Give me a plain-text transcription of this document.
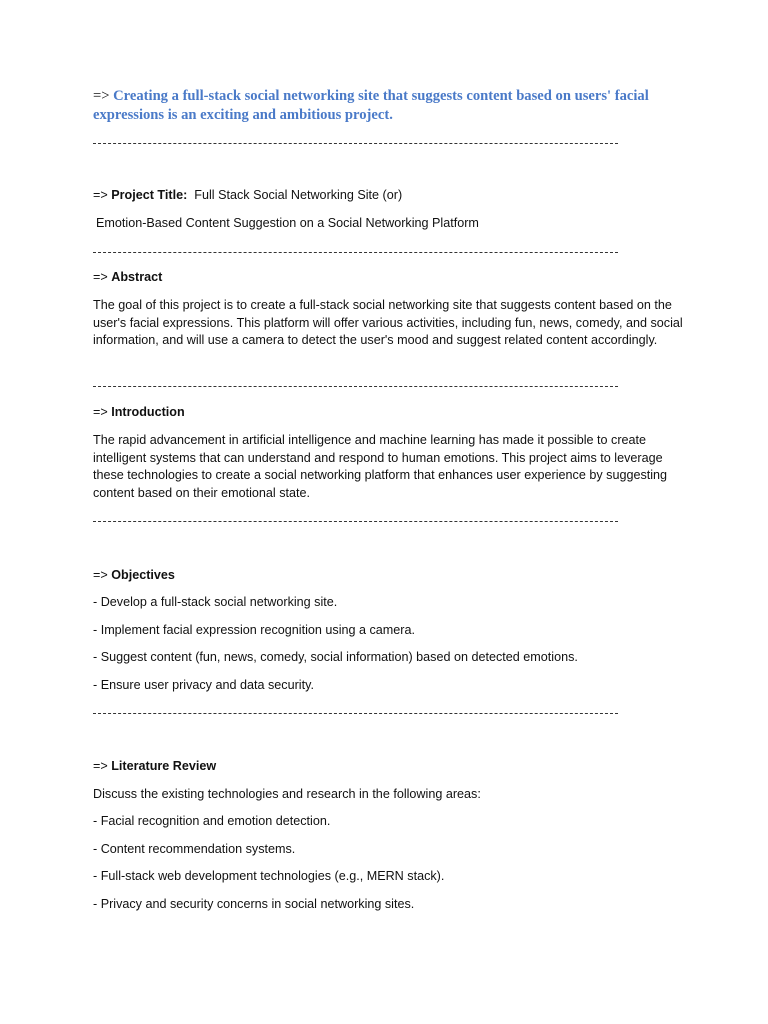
=> Creating a full-stack social networking site that suggests content based on users' facial expressions is an exciting and ambitious project.
=> Project Title: Full Stack Social Networking Site (or)
Emotion-Based Content Suggestion on a Social Networking Platform
=> Abstract
The goal of this project is to create a full-stack social networking site that suggests content based on the user's facial expressions. This platform will offer various activities, including fun, news, comedy, and social information, and will use a camera to detect the user's mood and suggest related content accordingly.
=> Introduction
The rapid advancement in artificial intelligence and machine learning has made it possible to create intelligent systems that can understand and respond to human emotions. This project aims to leverage these technologies to create a social networking platform that enhances user experience by suggesting content based on their emotional state.
=> Objectives
- Develop a full-stack social networking site.
- Implement facial expression recognition using a camera.
- Suggest content (fun, news, comedy, social information) based on detected emotions.
- Ensure user privacy and data security.
=> Literature Review
Discuss the existing technologies and research in the following areas:
- Facial recognition and emotion detection.
- Content recommendation systems.
- Full-stack web development technologies (e.g., MERN stack).
- Privacy and security concerns in social networking sites.
